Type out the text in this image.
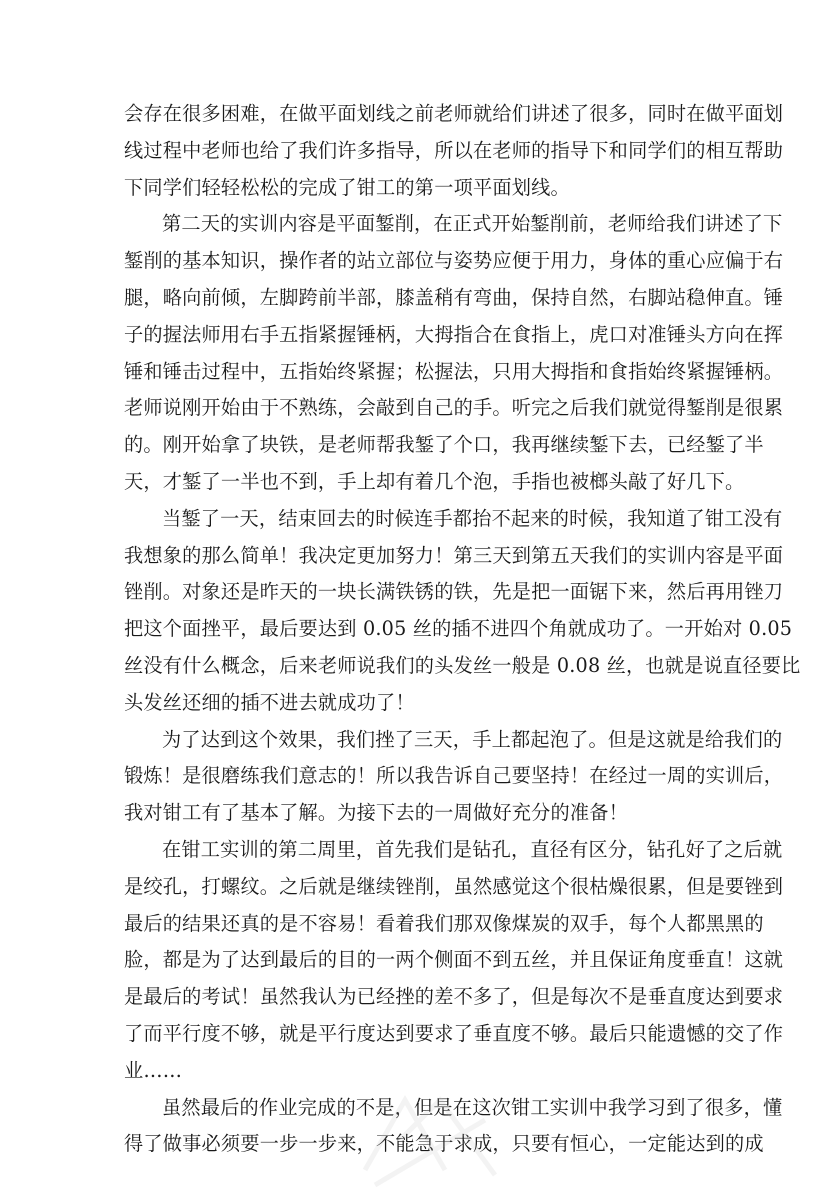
会存在很多困难，在做平面划线之前老师就给们讲述了很多，同时在做平面划
线过程中老师也给了我们许多指导，所以在老师的指导下和同学们的相互帮助
下同学们轻轻松松的完成了钳工的第一项平面划线。
第二天的实训内容是平面錾削，在正式开始錾削前，老师给我们讲述了下
錾削的基本知识，操作者的站立部位与姿势应便于用力，身体的重心应偏于右
腿，略向前倾，左脚跨前半部，膝盖稍有弯曲，保持自然，右脚站稳伸直。锤
子的握法师用右手五指紧握锤柄，大拇指合在食指上，虎口对准锤头方向在挥
锤和锤击过程中，五指始终紧握；松握法，只用大拇指和食指始终紧握锤柄。
老师说刚开始由于不熟练，会敲到自己的手。听完之后我们就觉得錾削是很累
的。刚开始拿了块铁，是老师帮我錾了个口，我再继续錾下去，已经錾了半
天，才錾了一半也不到，手上却有着几个泡，手指也被榔头敲了好几下。
当錾了一天，结束回去的时候连手都抬不起来的时候，我知道了钳工没有
我想象的那么简单！我决定更加努力！第三天到第五天我们的实训内容是平面
锉削。对象还是昨天的一块长满铁锈的铁，先是把一面锯下来，然后再用锉刀
把这个面挫平，最后要达到 0.05 丝的插不进四个角就成功了。一开始对 0.05
丝没有什么概念，后来老师说我们的头发丝一般是 0.08 丝，也就是说直径要比
头发丝还细的插不进去就成功了！
为了达到这个效果，我们挫了三天，手上都起泡了。但是这就是给我们的
锻炼！是很磨练我们意志的！所以我告诉自己要坚持！在经过一周的实训后，
我对钳工有了基本了解。为接下去的一周做好充分的准备！
在钳工实训的第二周里，首先我们是钻孔，直径有区分，钻孔好了之后就
是绞孔，打螺纹。之后就是继续锉削，虽然感觉这个很枯燥很累，但是要锉到
最后的结果还真的是不容易！看着我们那双像煤炭的双手，每个人都黑黑的
脸，都是为了达到最后的目的一两个侧面不到五丝，并且保证角度垂直！这就
是最后的考试！虽然我认为已经挫的差不多了，但是每次不是垂直度达到要求
了而平行度不够，就是平行度达到要求了垂直度不够。最后只能遗憾的交了作
业……
虽然最后的作业完成的不是，但是在这次钳工实训中我学习到了很多，懂
得了做事必须要一步一步来，不能急于求成，只要有恒心，一定能达到的成
